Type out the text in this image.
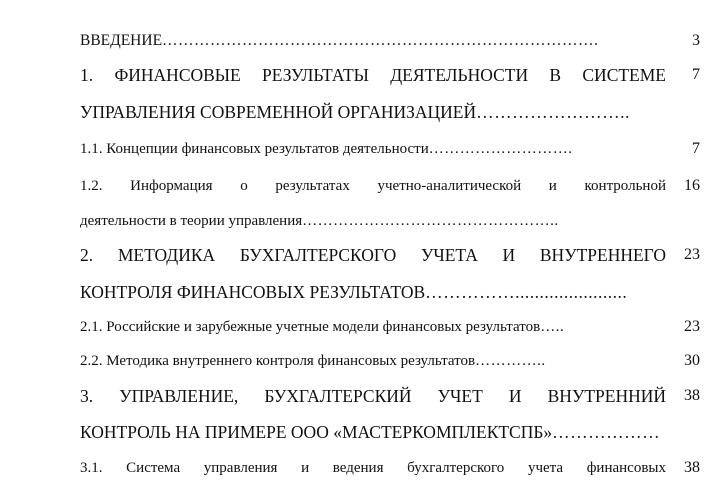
ВВЕДЕНИЕ……………………………………………………………………….	3
1. ФИНАНСОВЫЕ РЕЗУЛЬТАТЫ ДЕЯТЕЛЬНОСТИ В СИСТЕМЕ	7
УПРАВЛЕНИЯ СОВРЕМЕННОЙ ОРГАНИЗАЦИЕЙ……………………..
1.1. Концепции финансовых результатов деятельности……………………….	7
1.2. Информация о результатах учетно-аналитической и контрольной	16
деятельности в теории управления…………………………………………..
2. МЕТОДИКА БУХГАЛТЕРСКОГО УЧЕТА И ВНУТРЕННЕГО	23
КОНТРОЛЯ ФИНАНСОВЫХ РЕЗУЛЬТАТОВ…………….......................
2.1. Российские и зарубежные учетные модели финансовых результатов…..	23
2.2. Методика внутреннего контроля финансовых результатов…………..	30
3. УПРАВЛЕНИЕ, БУХГАЛТЕРСКИЙ УЧЕТ И ВНУТРЕННИЙ	38
КОНТРОЛЬ НА ПРИМЕРЕ ООО «МАСТЕРКОМПЛЕКТСПБ»………………
3.1. Система управления и ведения бухгалтерского учета финансовых	38
